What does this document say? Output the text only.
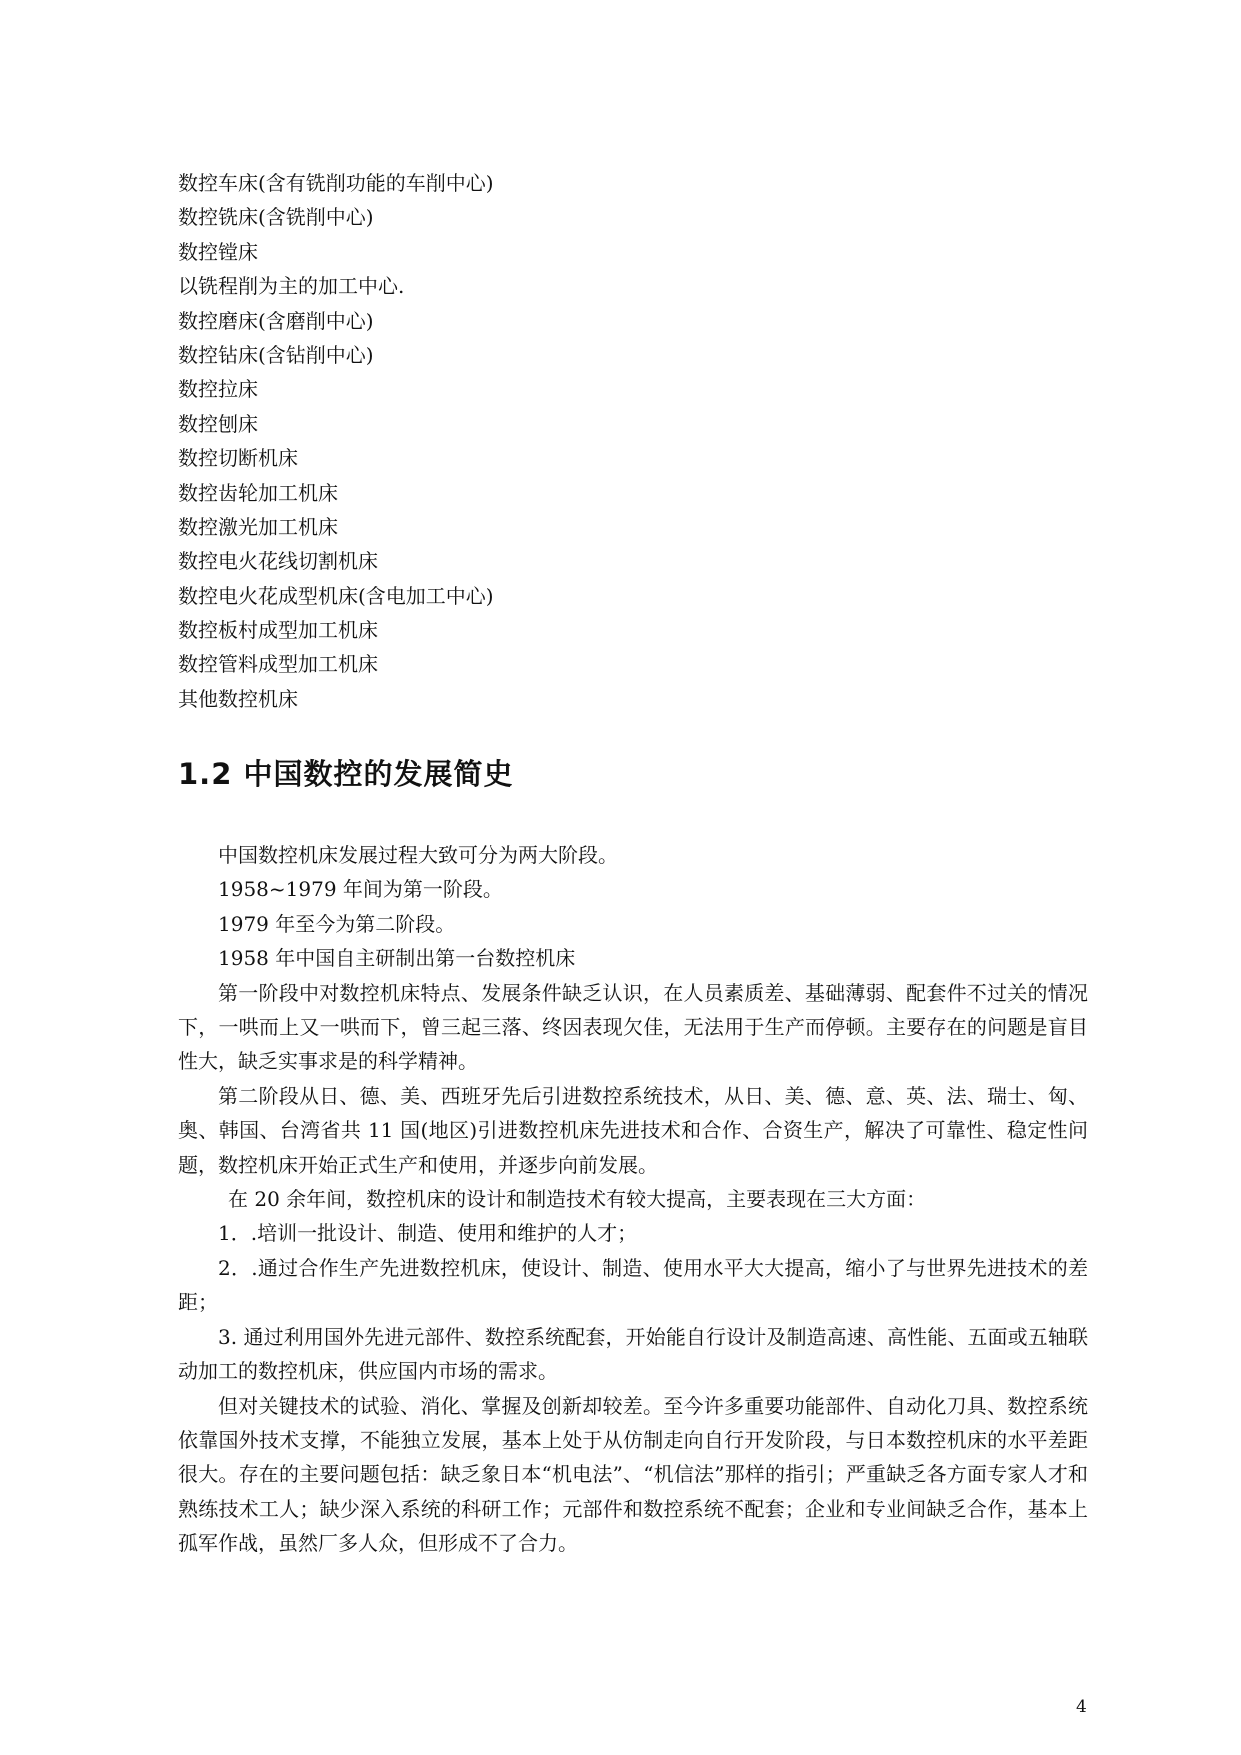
数控车床(含有铣削功能的车削中心)
数控铣床(含铣削中心)
数控镗床
以铣程削为主的加工中心.
数控磨床(含磨削中心)
数控钻床(含钻削中心)
数控拉床
数控刨床
数控切断机床
数控齿轮加工机床
数控激光加工机床
数控电火花线切割机床
数控电火花成型机床(含电加工中心)
数控板村成型加工机床
数控管料成型加工机床
其他数控机床
1.2 中国数控的发展简史

中国数控机床发展过程大致可分为两大阶段。

1958~1979 年间为第一阶段。

1979 年至今为第二阶段。

1958 年中国自主研制出第一台数控机床

第一阶段中对数控机床特点、发展条件缺乏认识，在人员素质差、基础薄弱、配套件不过关的情况下，一哄而上又一哄而下，曾三起三落、终因表现欠佳，无法用于生产而停顿。主要存在的问题是盲目性大，缺乏实事求是的科学精神。

第二阶段从日、德、美、西班牙先后引进数控系统技术，从日、美、德、意、英、法、瑞士、匈、奥、韩国、台湾省共 11 国(地区)引进数控机床先进技术和合作、合资生产，解决了可靠性、稳定性问题，数控机床开始正式生产和使用，并逐步向前发展。

在 20 余年间，数控机床的设计和制造技术有较大提高，主要表现在三大方面：

1．.培训一批设计、制造、使用和维护的人才；

2．.通过合作生产先进数控机床，使设计、制造、使用水平大大提高，缩小了与世界先进技术的差距；

3. 通过利用国外先进元部件、数控系统配套，开始能自行设计及制造高速、高性能、五面或五轴联动加工的数控机床，供应国内市场的需求。

但对关键技术的试验、消化、掌握及创新却较差。至今许多重要功能部件、自动化刀具、数控系统依靠国外技术支撑，不能独立发展，基本上处于从仿制走向自行开发阶段，与日本数控机床的水平差距很大。存在的主要问题包括：缺乏象日本“机电法”、“机信法”那样的指引；严重缺乏各方面专家人才和熟练技术工人；缺少深入系统的科研工作；元部件和数控系统不配套；企业和专业间缺乏合作，基本上孤军作战，虽然厂多人众，但形成不了合力。

4
